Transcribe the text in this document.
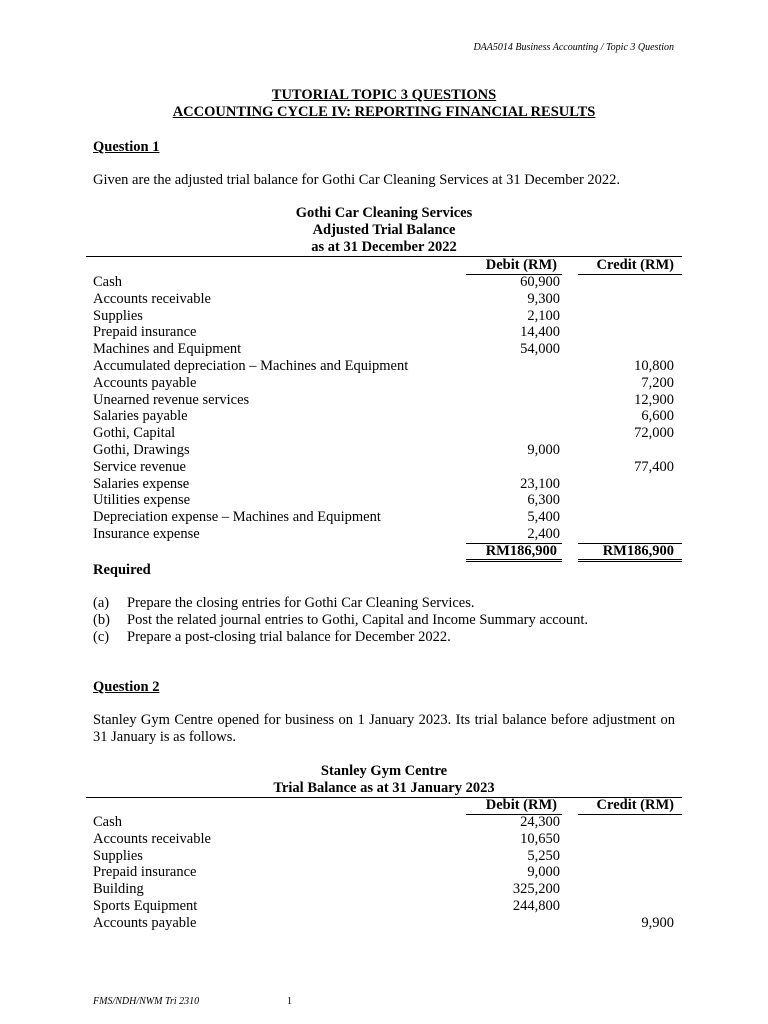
DAA5014 Business Accounting / Topic 3 Question
TUTORIAL TOPIC 3 QUESTIONS
ACCOUNTING CYCLE IV: REPORTING FINANCIAL RESULTS
Question 1
Given are the adjusted trial balance for Gothi Car Cleaning Services at 31 December 2022.
Gothi Car Cleaning Services
Adjusted Trial Balance
as at 31 December 2022
Debit (RM)	Credit (RM)
Cash	60,900		
Accounts receivable	9,300		
Supplies	2,100		
Prepaid insurance	14,400		
Machines and Equipment	54,000		
Accumulated depreciation – Machines and Equipment			10,800
Accounts payable			7,200
Unearned revenue services			12,900
Salaries payable			6,600
Gothi, Capital			72,000
Gothi, Drawings	9,000		
Service revenue			77,400
Salaries expense	23,100		
Utilities expense	6,300		
Depreciation expense – Machines and Equipment	5,400		
Insurance expense	2,400		
RM186,900	RM186,900
Required
(a) Prepare the closing entries for Gothi Car Cleaning Services.
(b) Post the related journal entries to Gothi, Capital and Income Summary account.
(c) Prepare a post-closing trial balance for December 2022.
Question 2
Stanley Gym Centre opened for business on 1 January 2023. Its trial balance before adjustment on 31 January is as follows.
Stanley Gym Centre
Trial Balance as at 31 January 2023
Debit (RM)	Credit (RM)
Cash	24,300		
Accounts receivable	10,650		
Supplies	5,250		
Prepaid insurance	9,000		
Building	325,200		
Sports Equipment	244,800		
Accounts payable			9,900
FMS/NDH/NWM Tri 2310	1
